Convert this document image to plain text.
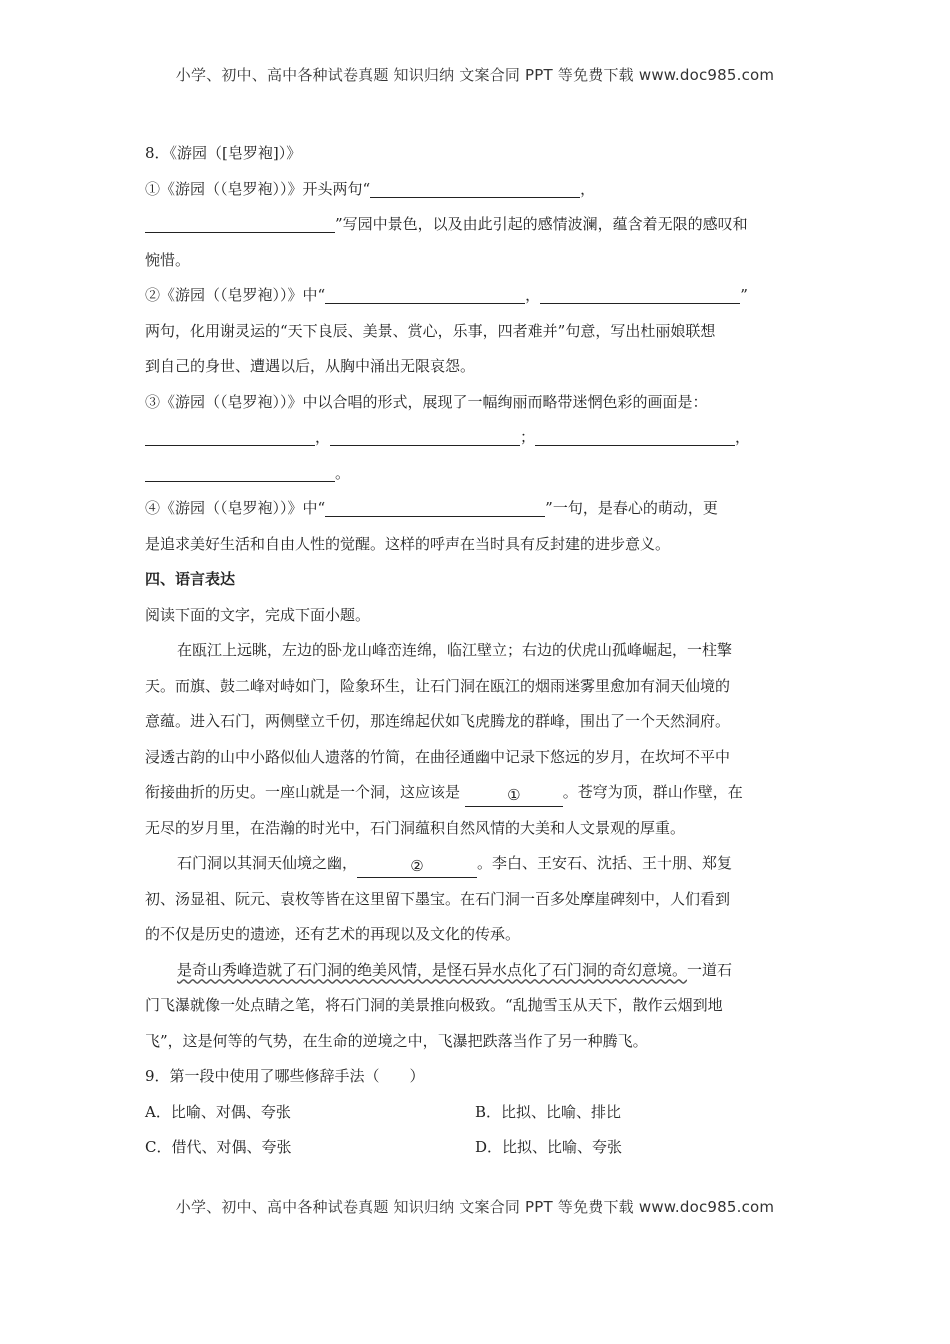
小学、初中、高中各种试卷真题 知识归纳 文案合同 PPT 等免费下载 www.doc985.com
8．《游园（[皂罗袍]）》
①《游园（（皂罗袍））》开头两句“	，
”写园中景色，以及由此引起的感情波澜，蕴含着无限的感叹和
惋惜。
②《游园（（皂罗袍））》中“	，	”
两句，化用谢灵运的“天下良辰、美景、赏心，乐事，四者难并”句意，写出杜丽娘联想
到自己的身世、遭遇以后，从胸中涌出无限哀怨。
③《游园（（皂罗袍））》中以合唱的形式，展现了一幅绚丽而略带迷惘色彩的画面是：
，	；	，
。
④《游园（（皂罗袍））》中“	”一句，是春心的萌动，更
是追求美好生活和自由人性的觉醒。这样的呼声在当时具有反封建的进步意义。
四、语言表达
阅读下面的文字，完成下面小题。
在瓯江上远眺，左边的卧龙山峰峦连绵，临江壁立；右边的伏虎山孤峰崛起，一柱擎
天。而旗、鼓二峰对峙如门，险象环生，让石门洞在瓯江的烟雨迷雾里愈加有洞天仙境的
意蕴。进入石门，两侧壁立千仞，那连绵起伏如飞虎腾龙的群峰，围出了一个天然洞府。
浸透古韵的山中小路似仙人遗落的竹简，在曲径通幽中记录下悠远的岁月，在坎坷不平中
衔接曲折的历史。一座山就是一个洞，这应该是	①	。苍穹为顶，群山作壁，在
无尽的岁月里，在浩瀚的时光中，石门洞蕴积自然风情的大美和人文景观的厚重。
石门洞以其洞天仙境之幽，	②	。李白、王安石、沈括、王十朋、郑复
初、汤显祖、阮元、袁枚等皆在这里留下墨宝。在石门洞一百多处摩崖碑刻中，人们看到
的不仅是历史的遗迹，还有艺术的再现以及文化的传承。
是奇山秀峰造就了石门洞的绝美风情，是怪石异水点化了石门洞的奇幻意境。一道石
门飞瀑就像一处点睛之笔，将石门洞的美景推向极致。“乱抛雪玉从天下，散作云烟到地
飞”，这是何等的气势，在生命的逆境之中，飞瀑把跌落当作了另一种腾飞。
9．第一段中使用了哪些修辞手法（　　）
A．比喻、对偶、夸张	B．比拟、比喻、排比
C．借代、对偶、夸张	D．比拟、比喻、夸张
小学、初中、高中各种试卷真题 知识归纳 文案合同 PPT 等免费下载 www.doc985.com
